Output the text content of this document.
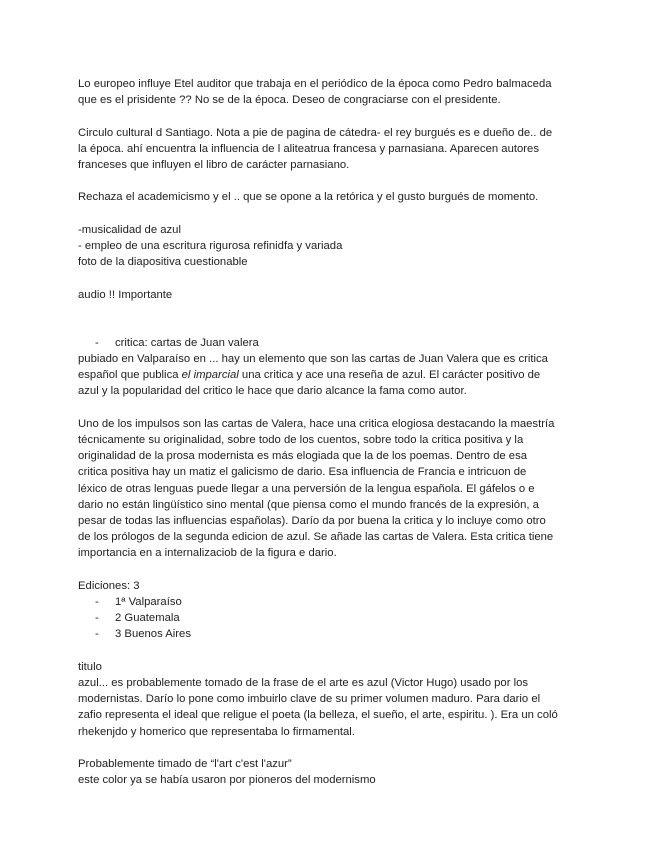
Lo europeo influye Etel auditor que trabaja en el periódico de la época como Pedro balmaceda

que es el prisidente ?? No se de la época. Deseo de congraciarse con el presidente.

Circulo cultural d Santiago. Nota a pie de pagina de cátedra- el rey burgués es e dueño de.. de

la época. ahí encuentra la influencia de l aliteatrua francesa y parnasiana. Aparecen autores

franceses que influyen el libro de carácter parnasiano.

Rechaza el academicismo y el .. que se opone a la retórica y el gusto burgués de momento.

-musicalidad de azul

- empleo de una escritura rigurosa refinidfa y variada

foto de la diapositiva cuestionable

audio !! Importante

- critica: cartas de Juan valera

pubiado en Valparaíso en ... hay un elemento que son las cartas de Juan Valera que es critica

español que publica el imparcial una critica y ace una reseña de azul. El carácter positivo de

azul y la popularidad del critico le hace que dario alcance la fama como autor.

Uno de los impulsos son las cartas de Valera, hace una critica elogiosa destacando la maestría

técnicamente su originalidad, sobre todo de los cuentos, sobre todo la critica positiva y la

originalidad de la prosa modernista es más elogiada que la de los poemas. Dentro de esa

critica positiva hay un matiz el galicismo de dario. Esa influencia de Francia e intricuon de

léxico de otras lenguas puede llegar a una perversión de la lengua española. El gáfelos o e

dario no están lingüístico sino mental (que piensa como el mundo francés de la expresión, a

pesar de todas las influencias españolas). Darío da por buena la critica y lo incluye como otro

de los prólogos de la segunda edicion de azul. Se añade las cartas de Valera. Esta critica tiene

importancia en a internalizaciob de la figura e dario.

Ediciones: 3

- 1ª Valparaíso

- 2 Guatemala

- 3 Buenos Aires

titulo

azul... es probablemente tomado de la frase de el arte es azul (Victor Hugo) usado por los

modernistas. Darío lo pone como imbuirlo clave de su primer volumen maduro. Para dario el

zafio representa el ideal que religue el poeta (la belleza, el sueño, el arte, espiritu. ). Era un coló

rhekenjdo y homerico que representaba lo firmamental.

Probablemente timado de “l'art c'est l'azur”

este color ya se había usaron por pioneros del modernismo
